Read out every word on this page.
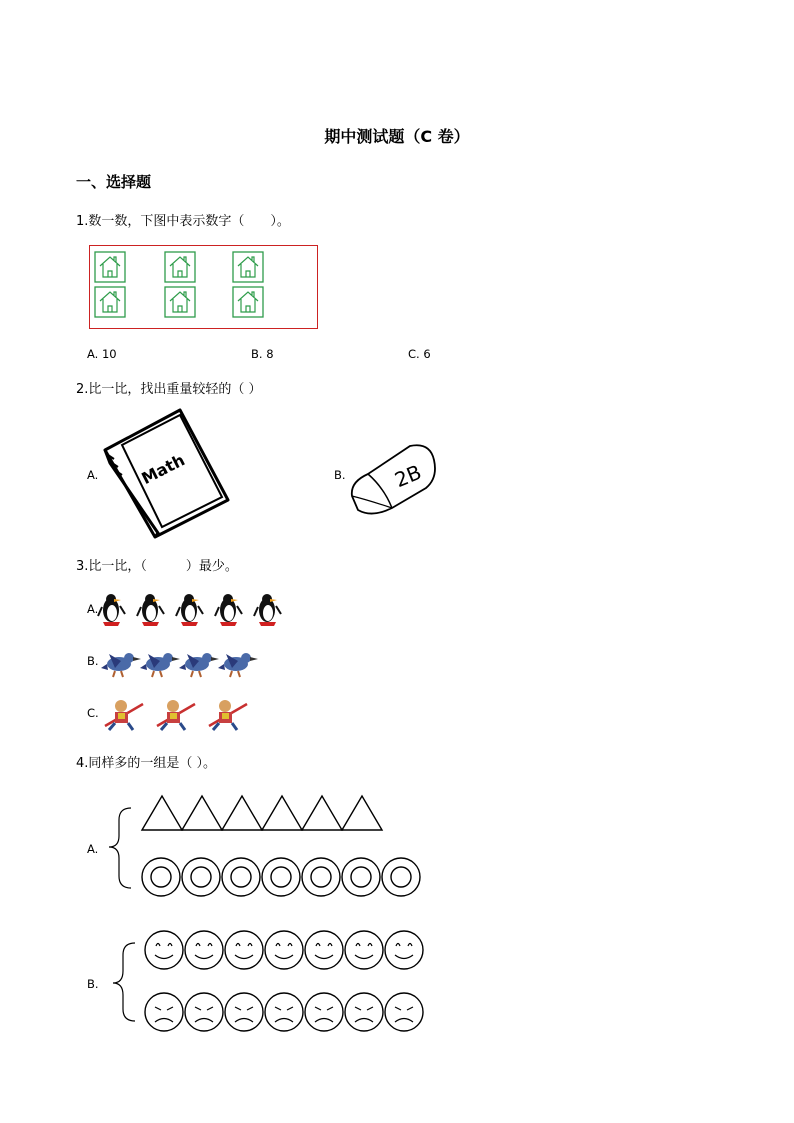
期中测试题（C 卷）
一、选择题
1.数一数，下图中表示数字（　　）。
A. 10	B. 8	C. 6
2.比一比，找出重量较轻的（ ）
A.	Math	B. 2B
3.比一比，（　　　）最少。
A.
B.
C.
4.同样多的一组是（ ）。
A.
B.
